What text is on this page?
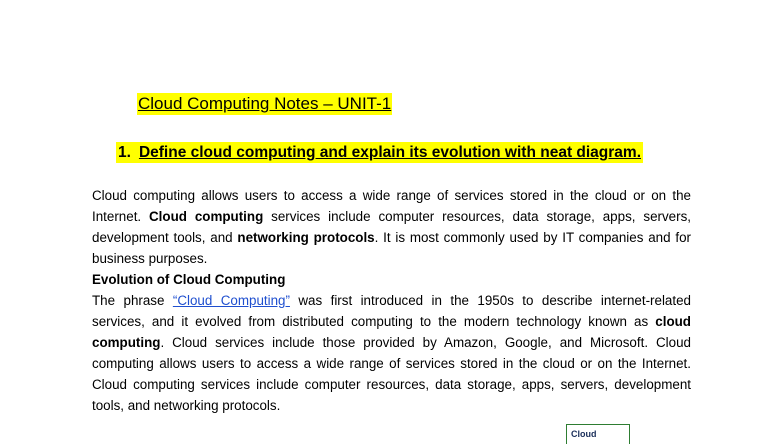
Cloud Computing Notes – UNIT-1
1. Define cloud computing and explain its evolution with neat diagram.

Cloud computing allows users to access a wide range of services stored in the cloud or on the Internet. Cloud computing services include computer resources, data storage, apps, servers, development tools, and networking protocols. It is most commonly used by IT companies and for business purposes.

Evolution of Cloud Computing

The phrase “Cloud Computing” was first introduced in the 1950s to describe internet-related services, and it evolved from distributed computing to the modern technology known as cloud computing. Cloud services include those provided by Amazon, Google, and Microsoft. Cloud computing allows users to access a wide range of services stored in the cloud or on the Internet. Cloud computing services include computer resources, data storage, apps, servers, development tools, and networking protocols.

Cloud
